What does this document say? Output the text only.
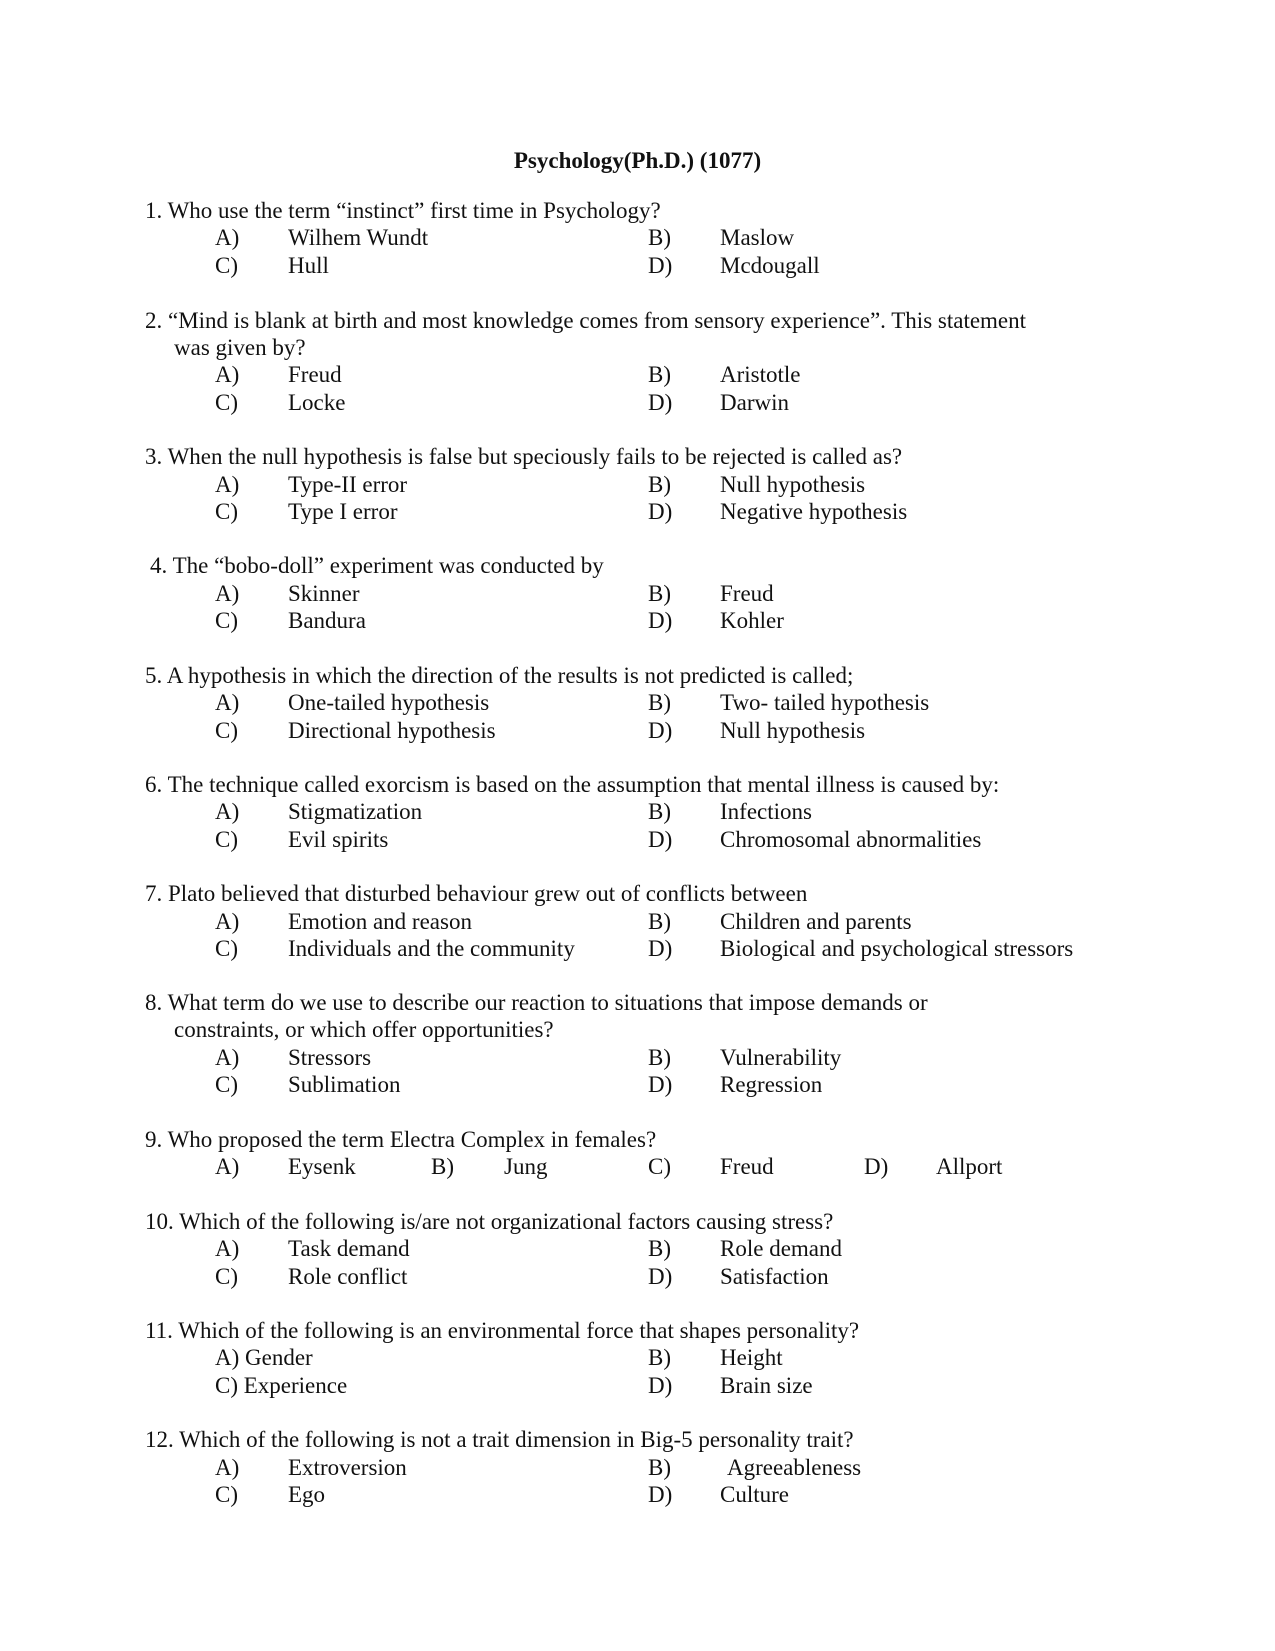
Psychology(Ph.D.) (1077)
1. Who use the term “instinct” first time in Psychology?
A) Wilhem Wundt	B) Maslow
C) Hull	D) Mcdougall
2. “Mind is blank at birth and most knowledge comes from sensory experience”. This statement
was given by?
A) Freud	B) Aristotle
C) Locke	D) Darwin
3. When the null hypothesis is false but speciously fails to be rejected is called as?
A) Type-II error	B) Null hypothesis
C) Type I error	D) Negative hypothesis
4. The “bobo-doll” experiment was conducted by
A) Skinner	B) Freud
C) Bandura	D) Kohler
5. A hypothesis in which the direction of the results is not predicted is called;
A) One-tailed hypothesis	B) Two- tailed hypothesis
C) Directional hypothesis	D) Null hypothesis
6. The technique called exorcism is based on the assumption that mental illness is caused by:
A) Stigmatization	B) Infections
C) Evil spirits	D) Chromosomal abnormalities
7. Plato believed that disturbed behaviour grew out of conflicts between
A) Emotion and reason	B) Children and parents
C) Individuals and the community	D) Biological and psychological stressors
8. What term do we use to describe our reaction to situations that impose demands or
constraints, or which offer opportunities?
A) Stressors	B) Vulnerability
C) Sublimation	D) Regression
9. Who proposed the term Electra Complex in females?
A) Eysenk	B) Jung	C) Freud	D) Allport
10. Which of the following is/are not organizational factors causing stress?
A) Task demand	B) Role demand
C) Role conflict	D) Satisfaction
11. Which of the following is an environmental force that shapes personality?
A) Gender	B) Height
C) Experience	D) Brain size
12. Which of the following is not a trait dimension in Big-5 personality trait?
A) Extroversion	B) Agreeableness
C) Ego	D) Culture
